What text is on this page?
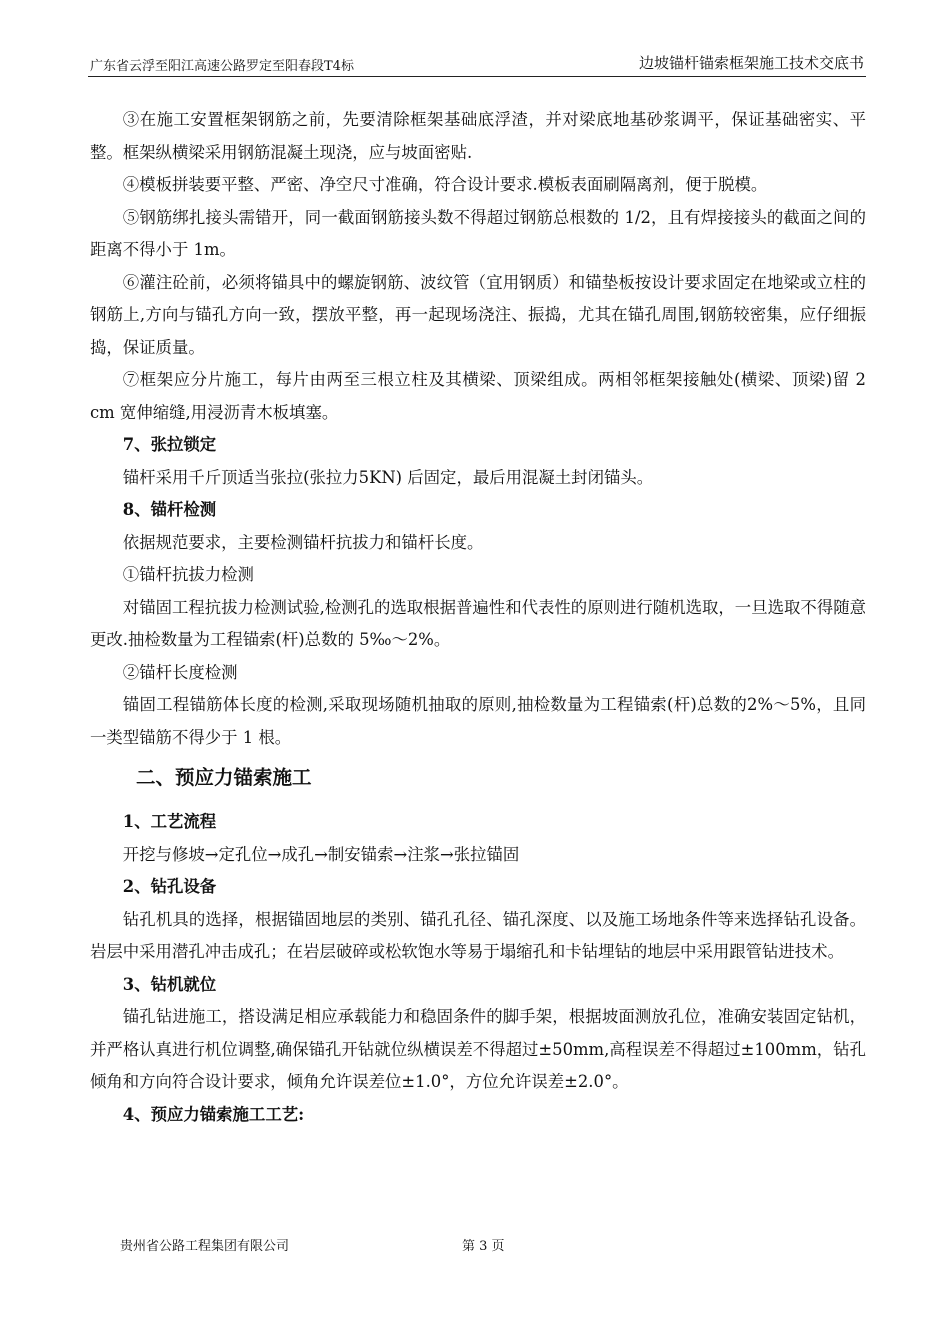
广东省云浮至阳江高速公路罗定至阳春段T4标	边坡锚杆锚索框架施工技术交底书

③在施工安置框架钢筋之前，先要清除框架基础底浮渣，并对梁底地基砂浆调平，保证基础密实、平整。框架纵横梁采用钢筋混凝土现浇，应与坡面密贴.

④模板拼装要平整、严密、净空尺寸准确，符合设计要求.模板表面刷隔离剂，便于脱模。

⑤钢筋绑扎接头需错开，同一截面钢筋接头数不得超过钢筋总根数的 1/2，且有焊接接头的截面之间的距离不得小于 1m。

⑥灌注砼前，必须将锚具中的螺旋钢筋、波纹管（宜用钢质）和锚垫板按设计要求固定在地梁或立柱的钢筋上,方向与锚孔方向一致，摆放平整，再一起现场浇注、振捣，尤其在锚孔周围,钢筋较密集，应仔细振捣，保证质量。

⑦框架应分片施工，每片由两至三根立柱及其横梁、顶梁组成。两相邻框架接触处(横梁、顶梁)留 2 cm 宽伸缩缝,用浸沥青木板填塞。

7、张拉锁定

锚杆采用千斤顶适当张拉(张拉力5KN) 后固定，最后用混凝土封闭锚头。

8、锚杆检测

依据规范要求，主要检测锚杆抗拔力和锚杆长度。

①锚杆抗拔力检测

对锚固工程抗拔力检测试验,检测孔的选取根据普遍性和代表性的原则进行随机选取，一旦选取不得随意更改.抽检数量为工程锚索(杆)总数的 5‰～2%。

②锚杆长度检测

锚固工程锚筋体长度的检测,采取现场随机抽取的原则,抽检数量为工程锚索(杆)总数的2%～5%，且同一类型锚筋不得少于 1 根。

二、预应力锚索施工
1、工艺流程

开挖与修坡→定孔位→成孔→制安锚索→注浆→张拉锚固

2、钻孔设备

钻孔机具的选择，根据锚固地层的类别、锚孔孔径、锚孔深度、以及施工场地条件等来选择钻孔设备。岩层中采用潜孔冲击成孔；在岩层破碎或松软饱水等易于塌缩孔和卡钻埋钻的地层中采用跟管钻进技术。

3、钻机就位

锚孔钻进施工，搭设满足相应承载能力和稳固条件的脚手架，根据坡面测放孔位，准确安装固定钻机，并严格认真进行机位调整,确保锚孔开钻就位纵横误差不得超过±50mm,高程误差不得超过±100mm，钻孔倾角和方向符合设计要求，倾角允许误差位±1.0°，方位允许误差±2.0°。

4、预应力锚索施工工艺:
贵州省公路工程集团有限公司	第 3 页
